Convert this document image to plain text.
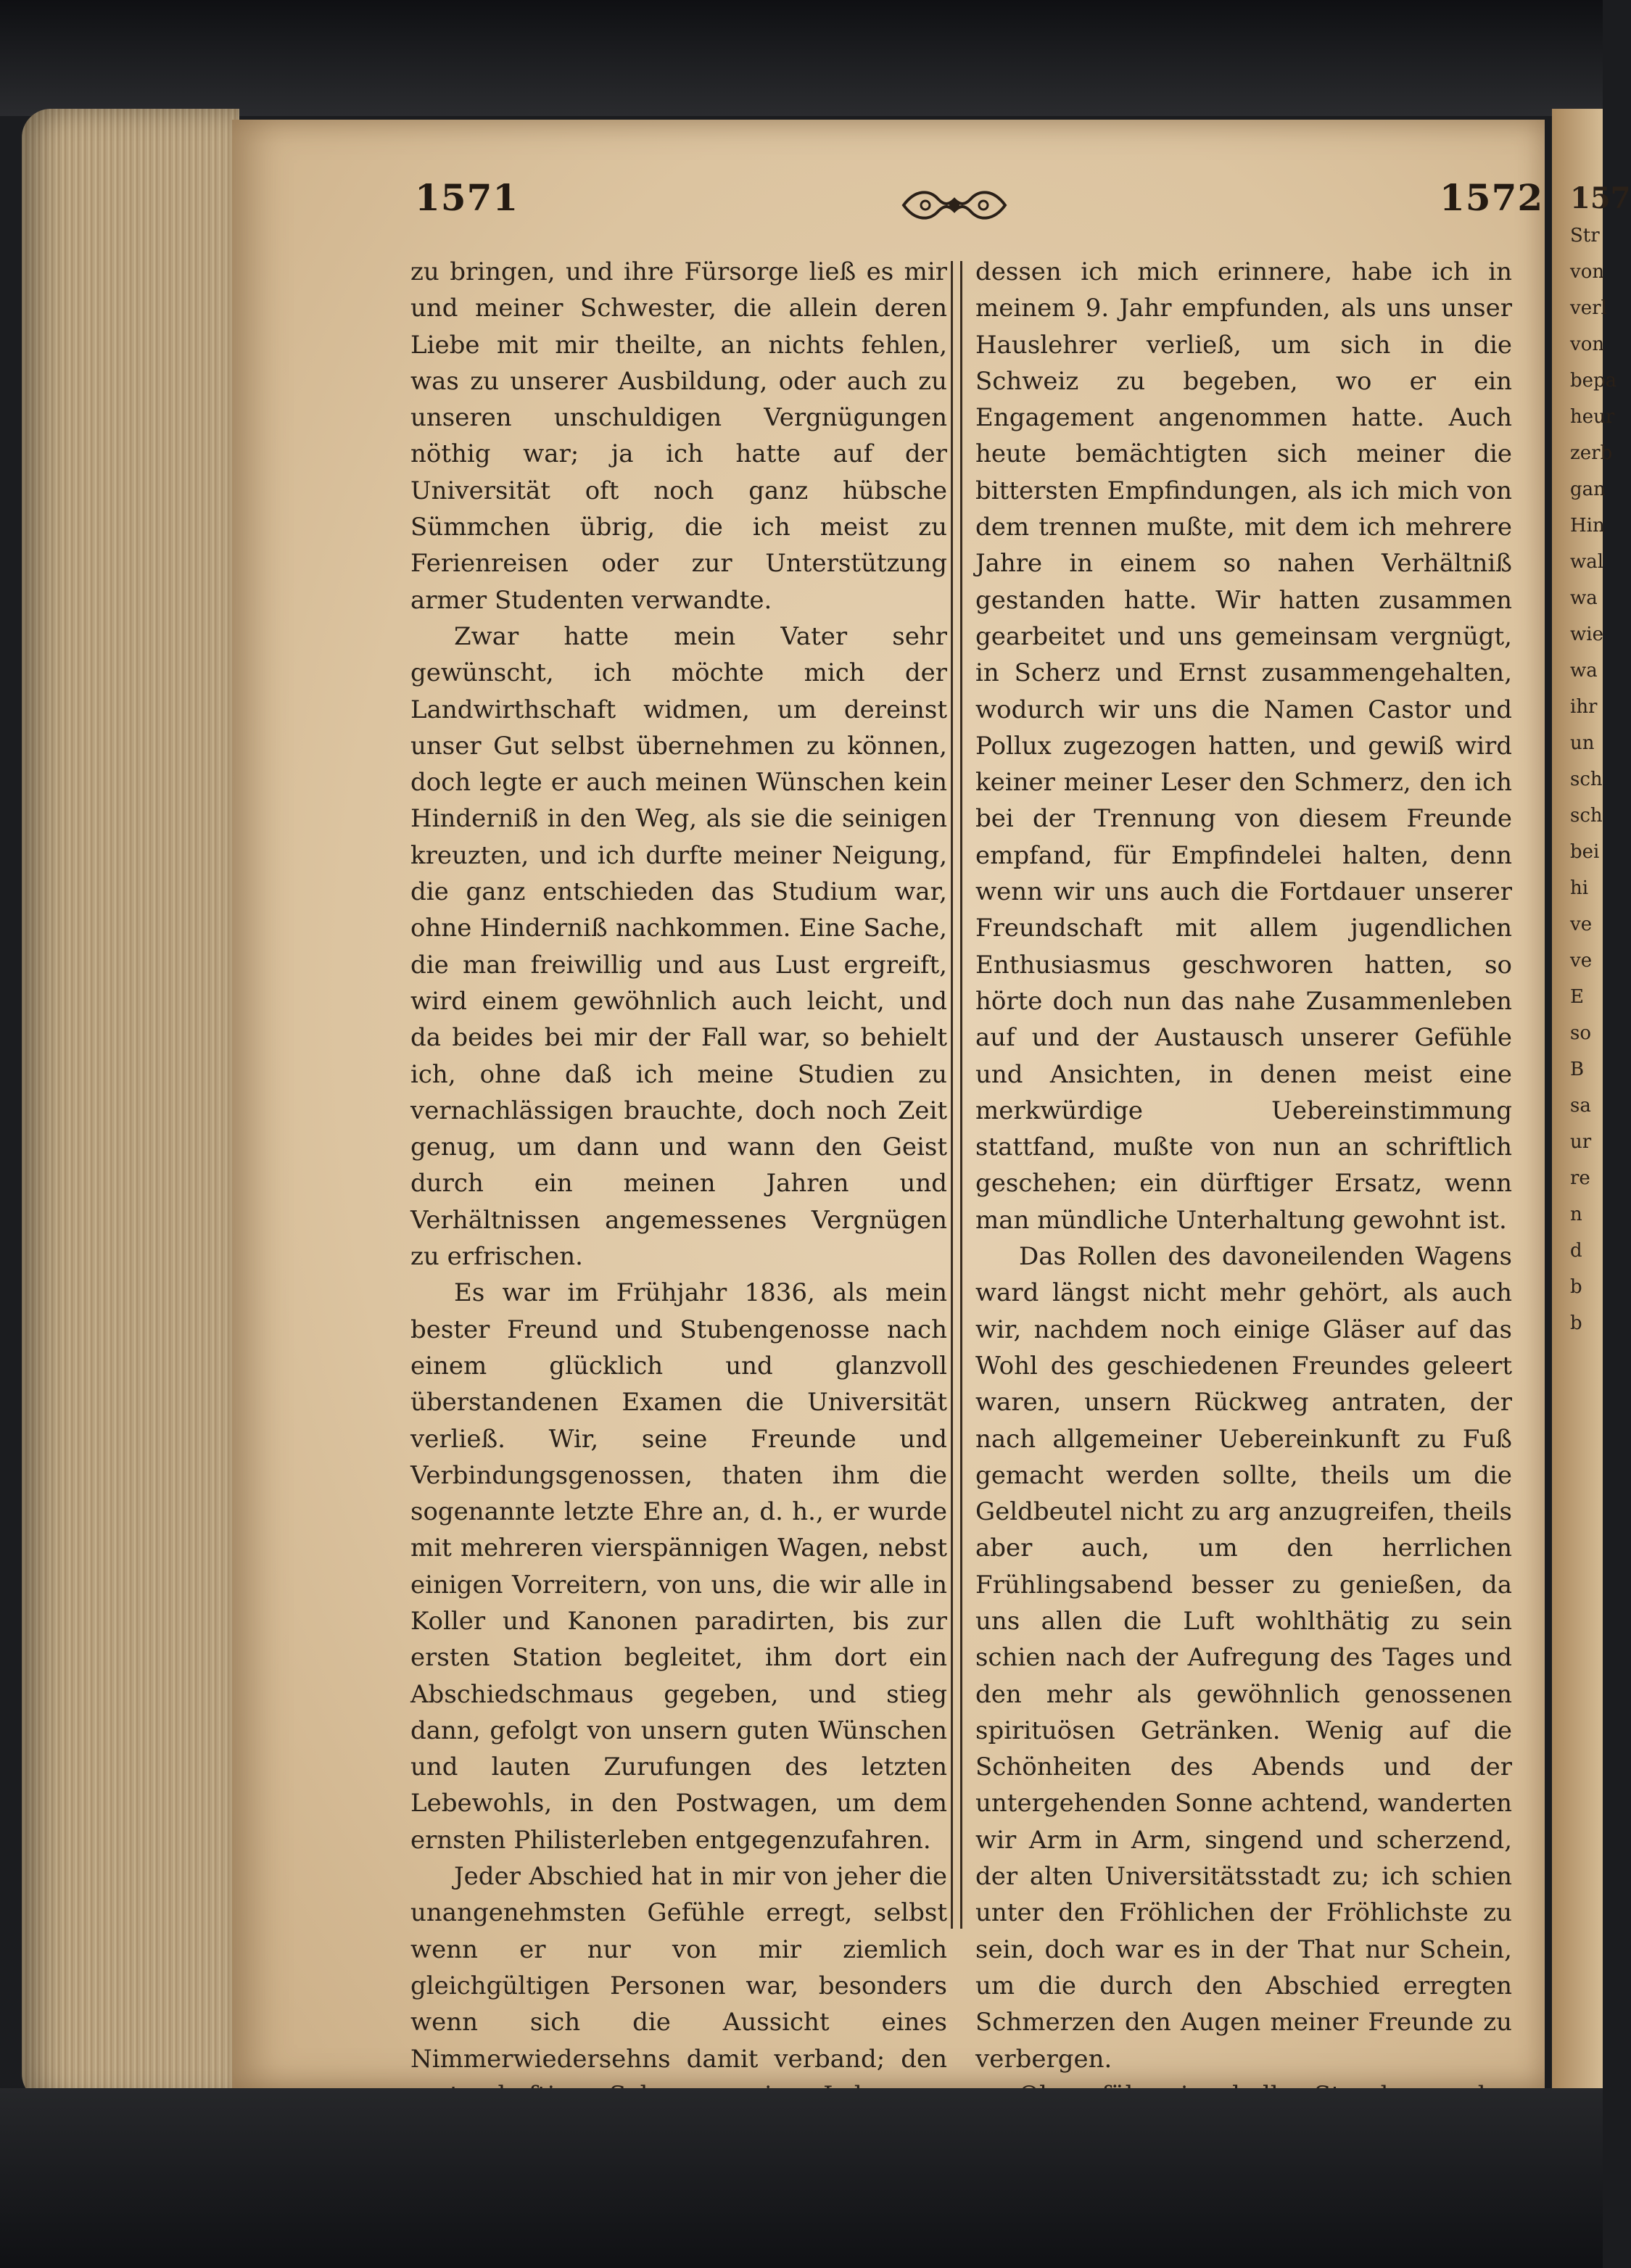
157
Str
von
verl
von
bepa
heur
zerb
gan
Hin
wal
wa
wie
wa
ihr
un
sch
sch
bei
hi
ve
ve
E
so
B
sa
ur
re
n
d
b
b
1571	1572

zu bringen, und ihre Fürsorge ließ es mir und meiner Schwester, die allein deren Liebe mit mir theilte, an nichts fehlen, was zu unserer Ausbildung, oder auch zu unseren unschuldigen Vergnügungen nöthig war; ja ich hatte auf der Universität oft noch ganz hübsche Sümmchen übrig, die ich meist zu Ferienreisen oder zur Unterstützung armer Studenten verwandte.

Zwar hatte mein Vater sehr gewünscht, ich möchte mich der Landwirthschaft widmen, um dereinst unser Gut selbst übernehmen zu können, doch legte er auch meinen Wünschen kein Hinderniß in den Weg, als sie die seinigen kreuzten, und ich durfte meiner Neigung, die ganz entschieden das Studium war, ohne Hinderniß nachkommen. Eine Sache, die man freiwillig und aus Lust ergreift, wird einem gewöhnlich auch leicht, und da beides bei mir der Fall war, so behielt ich, ohne daß ich meine Studien zu vernachlässigen brauchte, doch noch Zeit genug, um dann und wann den Geist durch ein meinen Jahren und Verhältnissen angemessenes Vergnügen zu erfrischen.

Es war im Frühjahr 1836, als mein bester Freund und Stubengenosse nach einem glücklich und glanzvoll überstandenen Examen die Universität verließ. Wir, seine Freunde und Verbindungsgenossen, thaten ihm die sogenannte letzte Ehre an, d. h., er wurde mit mehreren vierspännigen Wagen, nebst einigen Vorreitern, von uns, die wir alle in Koller und Kanonen paradirten, bis zur ersten Station begleitet, ihm dort ein Abschiedschmaus gegeben, und stieg dann, gefolgt von unsern guten Wünschen und lauten Zurufungen des letzten Lebewohls, in den Postwagen, um dem ernsten Philisterleben entgegenzufahren.

Jeder Abschied hat in mir von jeher die unangenehmsten Gefühle erregt, selbst wenn er nur von mir ziemlich gleichgültigen Personen war, besonders wenn sich die Aussicht eines Nimmerwiedersehns damit verband; den

dessen ich mich erinnere, habe ich in meinem 9. Jahr empfunden, als uns unser Hauslehrer verließ, um sich in die Schweiz zu begeben, wo er ein Engagement angenommen hatte. Auch heute bemächtigten sich meiner die bittersten Empfindungen, als ich mich von dem trennen mußte, mit dem ich mehrere Jahre in einem so nahen Verhältniß gestanden hatte. Wir hatten zusammen gearbeitet und uns gemeinsam vergnügt, in Scherz und Ernst zusammengehalten, wodurch wir uns die Namen Castor und Pollux zugezogen hatten, und gewiß wird keiner meiner Leser den Schmerz, den ich bei der Trennung von diesem Freunde empfand, für Empfindelei halten, denn wenn wir uns auch die Fortdauer unserer Freundschaft mit allem jugendlichen Enthusiasmus geschworen hatten, so hörte doch nun das nahe Zusammenleben auf und der Austausch unserer Gefühle und Ansichten, in denen meist eine merkwürdige Uebereinstimmung stattfand, mußte von nun an schriftlich geschehen; ein dürftiger Ersatz, wenn man mündliche Unterhaltung gewohnt ist.

Das Rollen des davoneilenden Wagens ward längst nicht mehr gehört, als auch wir, nachdem noch einige Gläser auf das Wohl des geschiedenen Freundes geleert waren, unsern Rückweg antraten, der nach allgemeiner Uebereinkunft zu Fuß gemacht werden sollte, theils um die Geldbeutel nicht zu arg anzugreifen, theils aber auch, um den herrlichen Frühlingsabend besser zu genießen, da uns allen die Luft wohlthätig zu sein schien nach der Aufregung des Tages und den mehr als gewöhnlich genossenen spirituösen Getränken. Wenig auf die Schönheiten des Abends und der untergehenden Sonne achtend, wanderten wir Arm in Arm, singend und scherzend, der alten Universitätsstadt zu; ich schien unter den Fröhlichen der Fröhlichste zu sein, doch war es in der That nur Schein, um die durch den Abschied erregten Schmerzen den Augen meiner Freunde zu verbergen.
